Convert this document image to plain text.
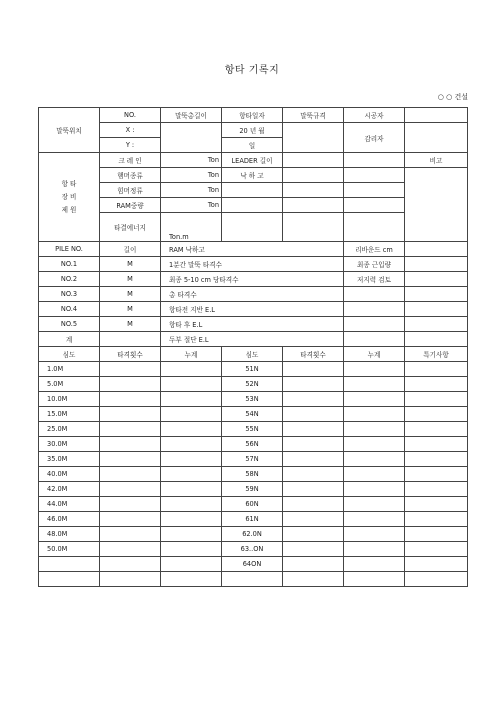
항타 기록지
○ ○ 건설
말뚝위치	NO.	말뚝총길이	항타일자	말뚝규격	시공자	
	X :		20 년 월		감리자	
	Y :		일			
항 타
장 비
제 원	크 레 인	Ton	LEADER 길이			비고
	햄머종류	Ton	낙 하 고			
	힘머정류	Ton				
	RAM중량	Ton				
	타결에너지	Ton.m				
PILE NO.	길이	RAM 낙하고			리바운드 cm	
NO.1	M	1분간 말뚝 타격수			최종 근입량	
NO.2	M	최종 5-10 cm 당타격수			저지력 검토	
NO.3	M	총 타격수				
NO.4	M	항타전 지반 E.L				
NO.5	M	항타 후 E.L				
계		두부 절단 E.L				
심도	타격횟수	누계	심도	타격횟수	누계	특기사항
1.0M			51N			
5.0M			52N			
10.0M			53N			
15.0M			54N			
25.0M			55N			
30.0M			56N			
35.0M			57N			
40.0M			58N			
42.0M			59N			
44.0M			60N			
46.0M			61N			
48.0M			62.0N			
50.0M			63..ON			
			64ON			
